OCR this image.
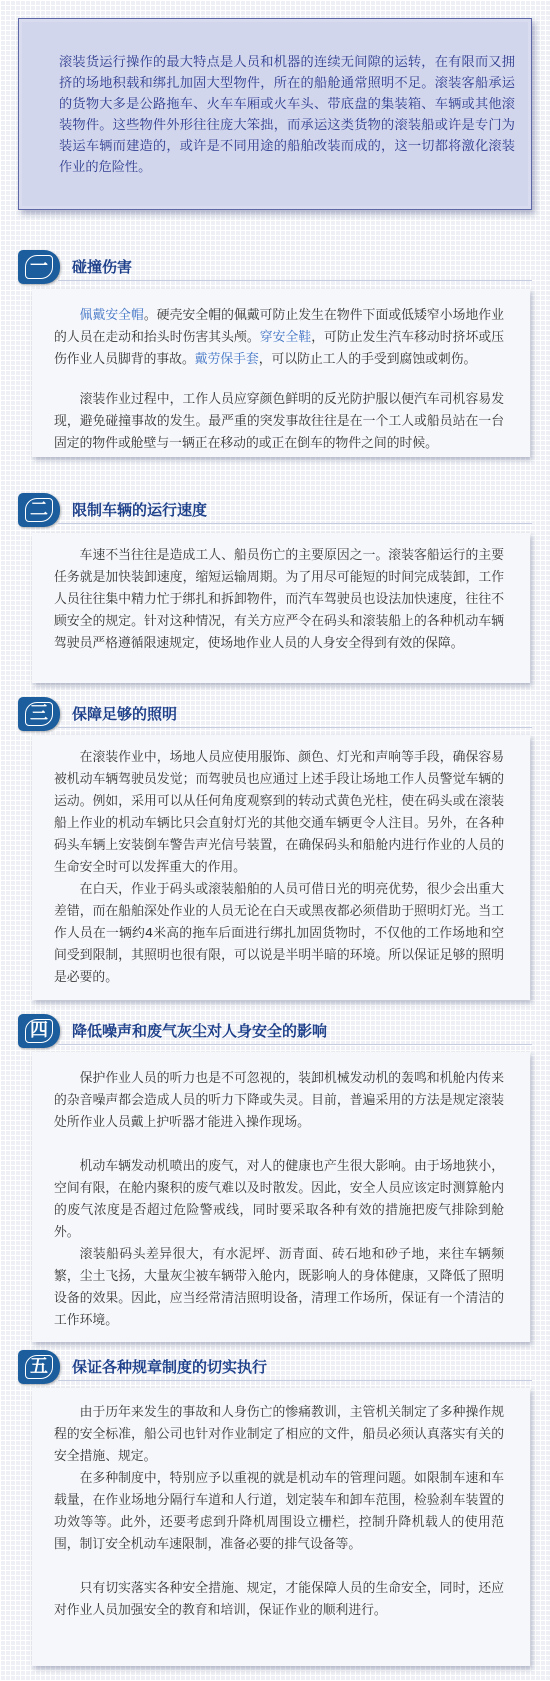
滚装货运行操作的最大特点是人员和机器的连续无间隙的运转，在有限而又拥挤的场地积载和绑扎加固大型物件，所在的船舱通常照明不足。滚装客船承运的货物大多是公路拖车、火车车厢或火车头、带底盘的集装箱、车辆或其他滚装物件。这些物件外形往往庞大笨拙，而承运这类货物的滚装船或许是专门为装运车辆而建造的，或许是不同用途的船舶改装而成的，这一切都将激化滚装作业的危险性。

一	碰撞伤害

佩戴安全帽。硬壳安全帽的佩戴可防止发生在物件下面或低矮窄小场地作业的人员在走动和抬头时伤害其头颅。穿安全鞋，可防止发生汽车移动时挤坏或压伤作业人员脚背的事故。戴劳保手套，可以防止工人的手受到腐蚀或刺伤。

滚装作业过程中，工作人员应穿颜色鲜明的反光防护服以便汽车司机容易发现，避免碰撞事故的发生。最严重的突发事故往往是在一个工人或船员站在一台固定的物件或舱壁与一辆正在移动的或正在倒车的物件之间的时候。

二	限制车辆的运行速度

车速不当往往是造成工人、船员伤亡的主要原因之一。滚装客船运行的主要任务就是加快装卸速度，缩短运输周期。为了用尽可能短的时间完成装卸，工作人员往往集中精力忙于绑扎和拆卸物件，而汽车驾驶员也设法加快速度，往往不顾安全的规定。针对这种情况，有关方应严令在码头和滚装船上的各种机动车辆驾驶员严格遵循限速规定，使场地作业人员的人身安全得到有效的保障。

三	保障足够的照明

在滚装作业中，场地人员应使用服饰、颜色、灯光和声响等手段，确保容易被机动车辆驾驶员发觉；而驾驶员也应通过上述手段让场地工作人员警觉车辆的运动。例如，采用可以从任何角度观察到的转动式黄色光柱，使在码头或在滚装船上作业的机动车辆比只会直射灯光的其他交通车辆更令人注目。另外，在各种码头车辆上安装倒车警告声光信号装置，在确保码头和船舱内进行作业的人员的生命安全时可以发挥重大的作用。

在白天，作业于码头或滚装船舶的人员可借日光的明亮优势，很少会出重大差错，而在船舶深处作业的人员无论在白天或黑夜都必须借助于照明灯光。当工作人员在一辆约4米高的拖车后面进行绑扎加固货物时，不仅他的工作场地和空间受到限制，其照明也很有限，可以说是半明半暗的环境。所以保证足够的照明是必要的。

四	降低噪声和废气灰尘对人身安全的影响

保护作业人员的听力也是不可忽视的，装卸机械发动机的轰鸣和机舱内传来的杂音噪声都会造成人员的听力下降或失灵。目前，普遍采用的方法是规定滚装处所作业人员戴上护听器才能进入操作现场。

机动车辆发动机喷出的废气，对人的健康也产生很大影响。由于场地狭小，空间有限，在舱内聚积的废气难以及时散发。因此，安全人员应该定时测算舱内的废气浓度是否超过危险警戒线，同时要采取各种有效的措施把废气排除到舱外。

滚装船码头差异很大，有水泥坪、沥青面、砖石地和砂子地，来往车辆频繁，尘土飞扬，大量灰尘被车辆带入舱内，既影响人的身体健康，又降低了照明设备的效果。因此，应当经常清洁照明设备，清理工作场所，保证有一个清洁的工作环境。

五	保证各种规章制度的切实执行

由于历年来发生的事故和人身伤亡的惨痛教训，主管机关制定了多种操作规程的安全标准，船公司也针对作业制定了相应的文件，船员必须认真落实有关的安全措施、规定。

在多种制度中，特别应予以重视的就是机动车的管理问题。如限制车速和车载量，在作业场地分隔行车道和人行道，划定装车和卸车范围，检验刹车装置的功效等等。此外，还要考虑到升降机周围设立栅栏，控制升降机载人的使用范围，制订安全机动车速限制，准备必要的排气设备等。

只有切实落实各种安全措施、规定，才能保障人员的生命安全，同时，还应对作业人员加强安全的教育和培训，保证作业的顺利进行。
